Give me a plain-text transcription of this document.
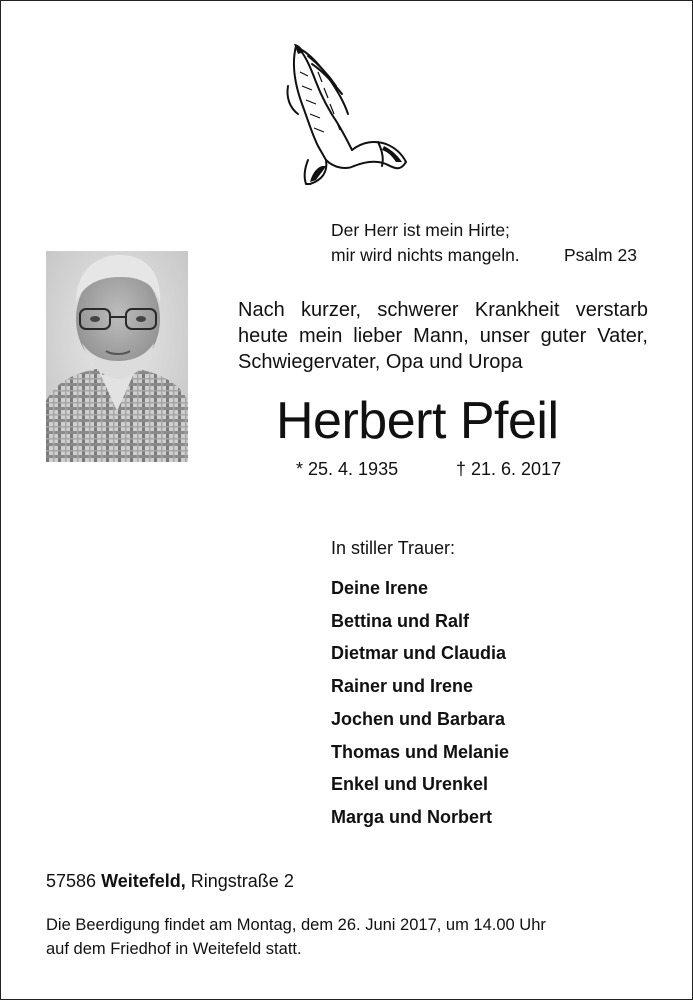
Der Herr ist mein Hirte;
mir wird nichts mangeln.	Psalm 23
Nach kurzer, schwerer Krankheit verstarb
heute mein lieber Mann, unser guter Vater,
Schwiegervater, Opa und Uropa
Herbert Pfeil
* 25. 4. 1935	† 21. 6. 2017
In stiller Trauer:
Deine Irene
Bettina und Ralf
Dietmar und Claudia
Rainer und Irene
Jochen und Barbara
Thomas und Melanie
Enkel und Urenkel
Marga und Norbert
57586 Weitefeld, Ringstraße 2
Die Beerdigung findet am Montag, dem 26. Juni 2017, um 14.00 Uhr
auf dem Friedhof in Weitefeld statt.
